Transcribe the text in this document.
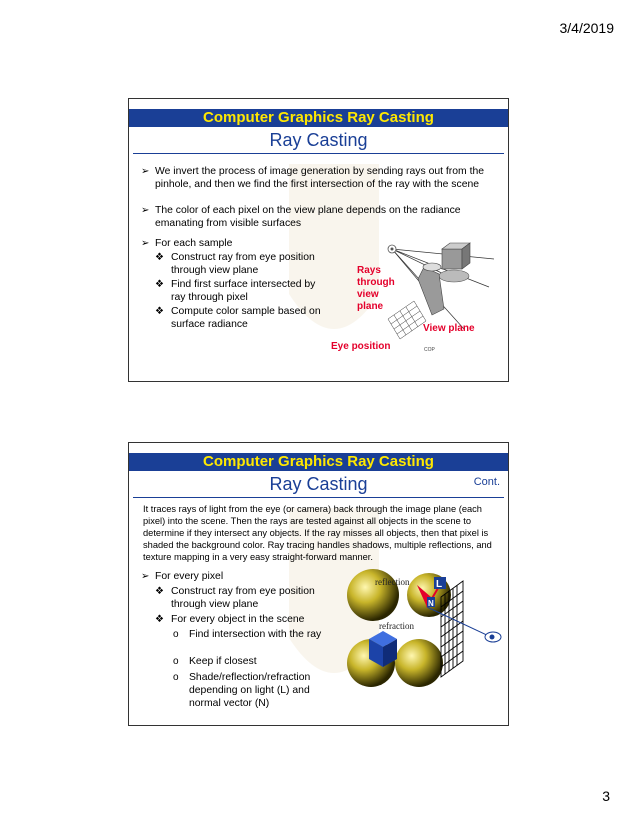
3/4/2019
Computer Graphics Ray Casting
Ray Casting
➢ We invert the process of image generation by sending rays out from the pinhole, and then we find the first intersection of the ray with the scene
➢ The color of each pixel on the view plane depends on the radiance emanating from visible surfaces
➢ For each sample
❖ Construct ray from eye position through view plane
❖ Find first surface intersected by ray through pixel
❖ Compute color sample based on surface radiance
COP
Rays through view plane
View plane
Eye position
Computer Graphics Ray Casting
Ray Casting	Cont.
It traces rays of light from the eye (or camera) back through the image plane (each pixel) into the scene. Then the rays are tested against all objects in the scene to determine if they intersect any objects. If the ray misses all objects, then that pixel is shaded the background color. Ray tracing handles shadows, multiple reflections, and texture mapping in a very easy straight-forward manner.
➢ For every pixel
❖ Construct ray from eye position through view plane
❖ For every object in the scene
o Find intersection with the ray
o Keep if closest
o Shade/reflection/refraction depending on light (L) and normal vector (N)
reflection
refraction
L
N
3
